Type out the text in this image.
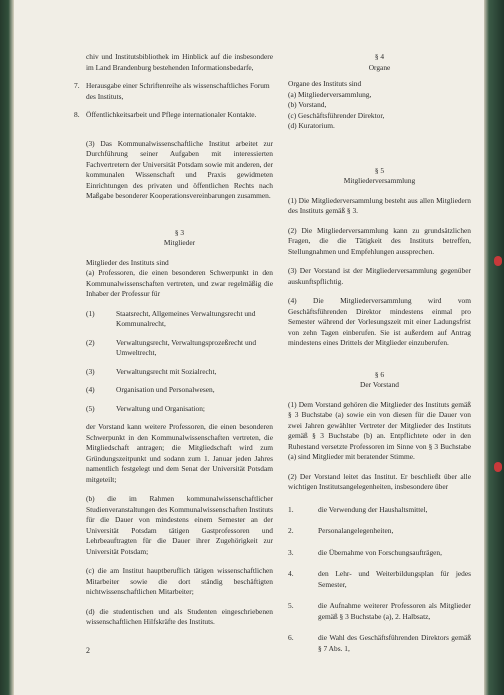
chiv und Institutsbibliothek im Hinblick auf die insbesondere im Land Brandenburg bestehenden Informationsbedarfe,

7. Herausgabe einer Schriftenreihe als wissenschaftliches Forum des Instituts,
8. Öffentlichkeitsarbeit und Pflege internationaler Kontakte.

(3) Das Kommunalwissenschaftliche Institut arbeitet zur Durchführung seiner Aufgaben mit interessierten Fachvertretern der Universität Potsdam sowie mit anderen, der kommunalen Wissenschaft und Praxis gewidmeten Einrichtungen des privaten und öffentlichen Rechts nach Maßgabe besonderer Kooperationsvereinbarungen zusammen.

§ 3
Mitglieder
Mitglieder des Instituts sind

(a) Professoren, die einen besonderen Schwerpunkt in den Kommunalwissenschaften vertreten, und zwar regelmäßig die Inhaber der Professur für

(1)	Staatsrecht, Allgemeines Verwaltungsrecht und Kommunalrecht,
(2)	Verwaltungsrecht, Verwaltungsprozeßrecht und Umweltrecht,
(3)	Verwaltungsrecht mit Sozialrecht,
(4)	Organisation und Personalwesen,
(5)	Verwaltung und Organisation;

der Vorstand kann weitere Professoren, die einen besonderen Schwerpunkt in den Kommunalwissenschaften vertreten, die Mitgliedschaft antragen; die Mitgliedschaft wird zum Gründungszeitpunkt und sodann zum 1. Januar jeden Jahres namentlich festgelegt und dem Senat der Universität Potsdam mitgeteilt;

(b) die im Rahmen kommunalwissenschaftlicher Studienveranstaltungen des Kommunalwissenschaften Instituts für die Dauer von mindestens einem Semester an der Universität Potsdam tätigen Gastprofessoren und Lehrbeauftragten für die Dauer ihrer Zugehörigkeit zur Universität Potsdam;

(c) die am Institut hauptberuflich tätigen wissenschaftlichen Mitarbeiter sowie die dort ständig beschäftigten nichtwissenschaftlichen Mitarbeiter;

(d) die studentischen und als Studenten eingeschriebenen wissenschaftlichen Hilfskräfte des Instituts.

§ 4
Organe
Organe des Instituts sind
(a) Mitgliederversammlung,
(b) Vorstand,
(c) Geschäftsführender Direktor,
(d) Kuratorium.
§ 5
Mitgliederversammlung

(1) Die Mitgliederversammlung besteht aus allen Mitgliedern des Instituts gemäß § 3.

(2) Die Mitgliederversammlung kann zu grundsätzlichen Fragen, die die Tätigkeit des Instituts betreffen, Stellungnahmen und Empfehlungen aussprechen.

(3) Der Vorstand ist der Mitgliederversammlung gegenüber auskunftspflichtig.

(4) Die Mitgliederversammlung wird vom Geschäftsführenden Direktor mindestens einmal pro Semester während der Vorlesungszeit mit einer Ladungsfrist von zehn Tagen einberufen. Sie ist außerdem auf Antrag mindestens eines Drittels der Mitglieder einzuberufen.

§ 6
Der Vorstand

(1) Dem Vorstand gehören die Mitglieder des Instituts gemäß § 3 Buchstabe (a) sowie ein von diesen für die Dauer von zwei Jahren gewählter Vertreter der Mitglieder des Instituts gemäß § 3 Buchstabe (b) an. Entpflichtete oder in den Ruhestand versetzte Professoren im Sinne von § 3 Buchstabe (a) sind Mitglieder mit beratender Stimme.

(2) Der Vorstand leitet das Institut. Er beschließt über alle wichtigen Institutsangelegenheiten, insbesondere über

1.	die Verwendung der Haushaltsmittel,
2.	Personalangelegenheiten,
3.	die Übernahme von Forschungsaufträgen,
4.	den Lehr- und Weiterbildungsplan für jedes Semester,
5.	die Aufnahme weiterer Professoren als Mitglieder gemäß § 3 Buchstabe (a), 2. Halbsatz,
6.	die Wahl des Geschäftsführenden Direktors gemäß § 7 Abs. 1,
2
